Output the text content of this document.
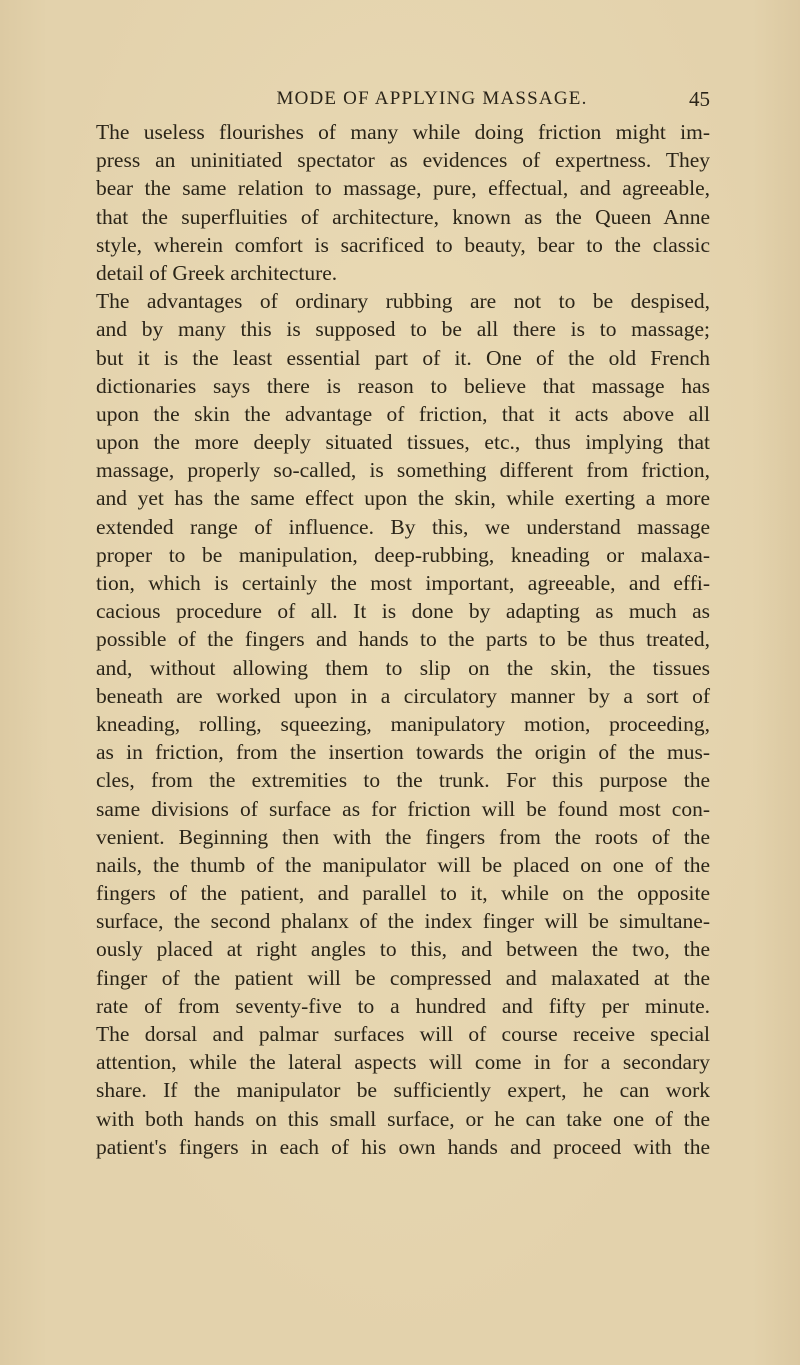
MODE OF APPLYING MASSAGE.	45

The useless flourishes of many while doing friction might im-
press an uninitiated spectator as evidences of expertness. They
bear the same relation to massage, pure, effectual, and agreeable,
that the superfluities of architecture, known as the Queen Anne
style, wherein comfort is sacrificed to beauty, bear to the classic
detail of Greek architecture.

The advantages of ordinary rubbing are not to be despised,
and by many this is supposed to be all there is to massage;
but it is the least essential part of it. One of the old French
dictionaries says there is reason to believe that massage has
upon the skin the advantage of friction, that it acts above all
upon the more deeply situated tissues, etc., thus implying that
massage, properly so-called, is something different from friction,
and yet has the same effect upon the skin, while exerting a more
extended range of influence. By this, we understand massage
proper to be manipulation, deep-rubbing, kneading or malaxa-
tion, which is certainly the most important, agreeable, and effi-
cacious procedure of all. It is done by adapting as much as
possible of the fingers and hands to the parts to be thus treated,
and, without allowing them to slip on the skin, the tissues
beneath are worked upon in a circulatory manner by a sort of
kneading, rolling, squeezing, manipulatory motion, proceeding,
as in friction, from the insertion towards the origin of the mus-
cles, from the extremities to the trunk. For this purpose the
same divisions of surface as for friction will be found most con-
venient. Beginning then with the fingers from the roots of the
nails, the thumb of the manipulator will be placed on one of the
fingers of the patient, and parallel to it, while on the opposite
surface, the second phalanx of the index finger will be simultane-
ously placed at right angles to this, and between the two, the
finger of the patient will be compressed and malaxated at the
rate of from seventy-five to a hundred and fifty per minute.
The dorsal and palmar surfaces will of course receive special
attention, while the lateral aspects will come in for a secondary
share. If the manipulator be sufficiently expert, he can work
with both hands on this small surface, or he can take one of the
patient's fingers in each of his own hands and proceed with the
